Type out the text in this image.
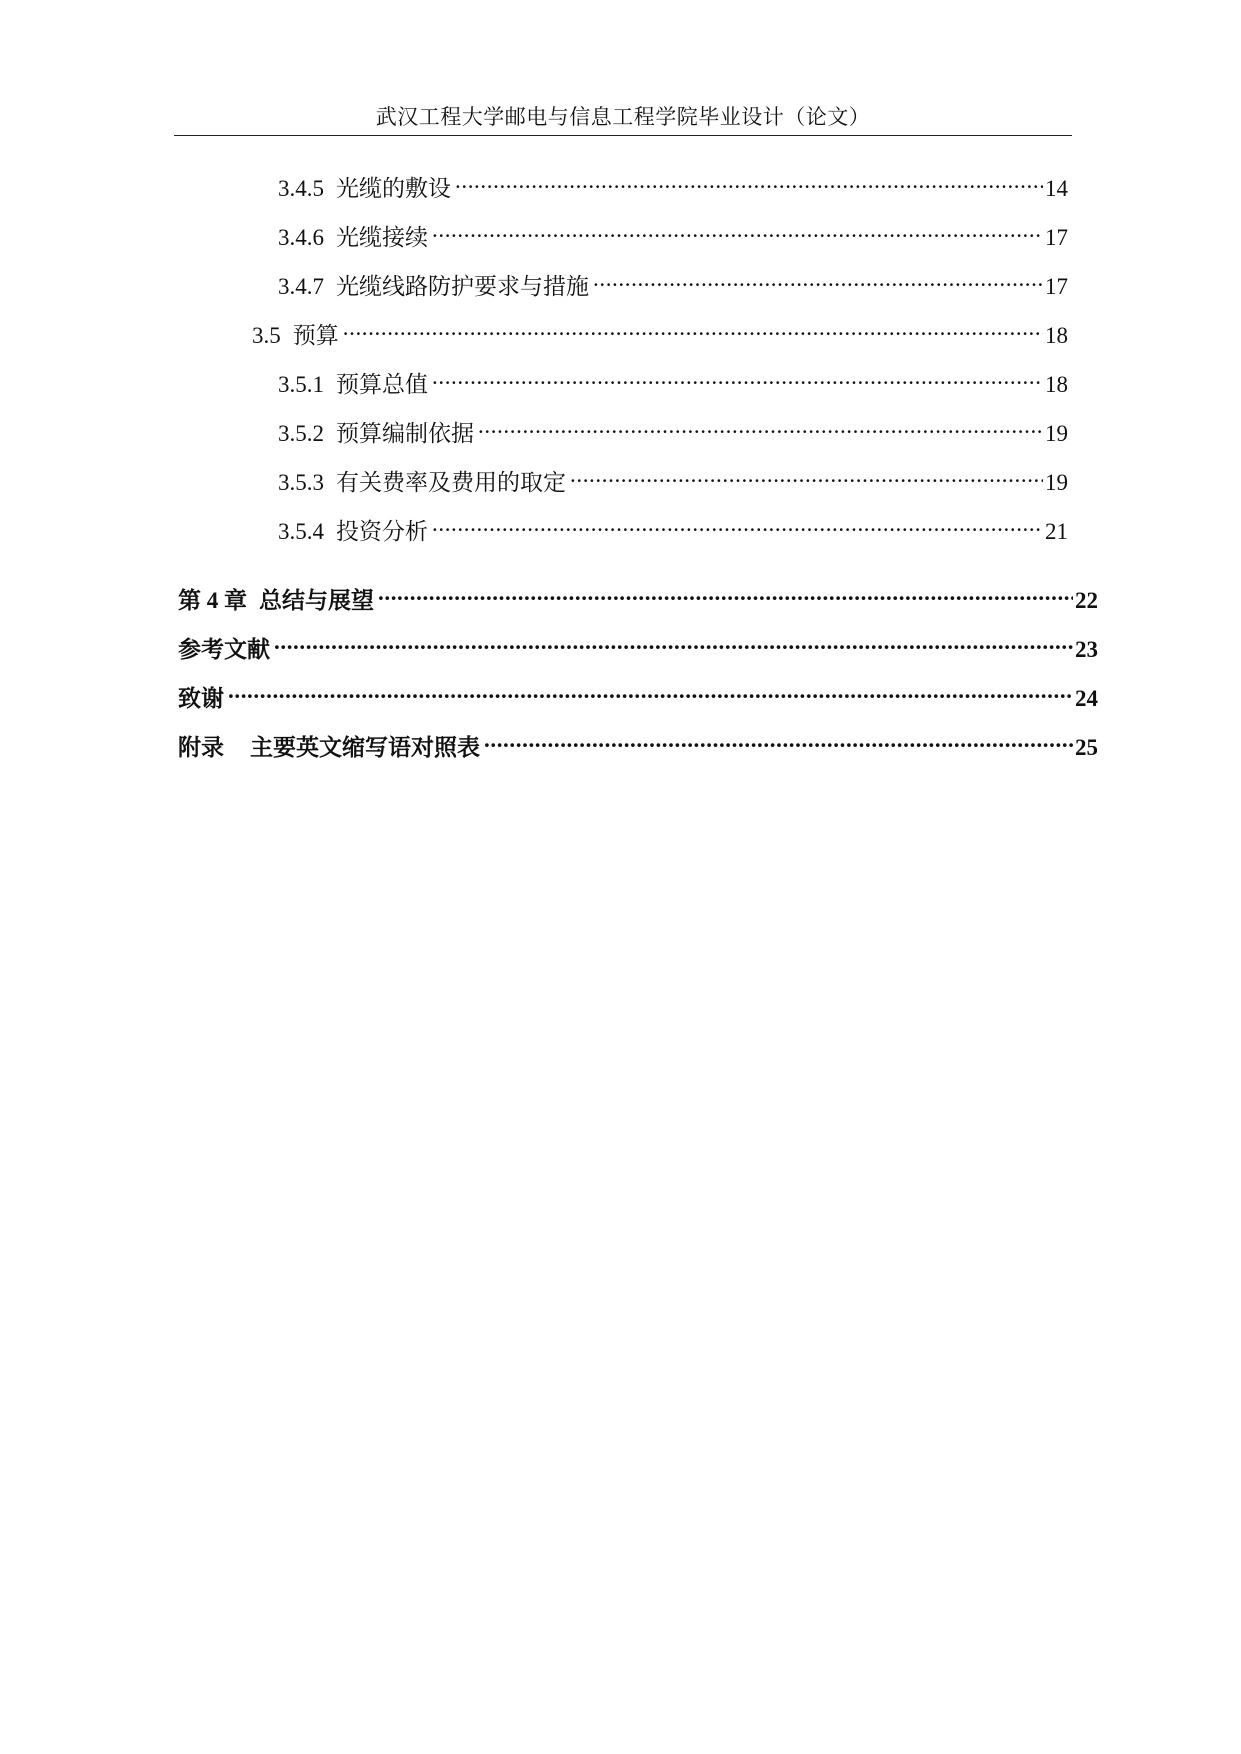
武汉工程大学邮电与信息工程学院毕业设计（论文）
3.4.5 光缆的敷设 .....	14
3.4.6 光缆接续 .....	17
3.4.7 光缆线路防护要求与措施 .....	17
3.5 预算 .....	18
3.5.1 预算总值 .....	18
3.5.2 预算编制依据 .....	19
3.5.3 有关费率及费用的取定 .....	19
3.5.4 投资分析 .....	21
第 4 章 总结与展望 .....	22
参考文献 .....	23
致谢 .....	24
附录 主要英文缩写语对照表 .....	25
